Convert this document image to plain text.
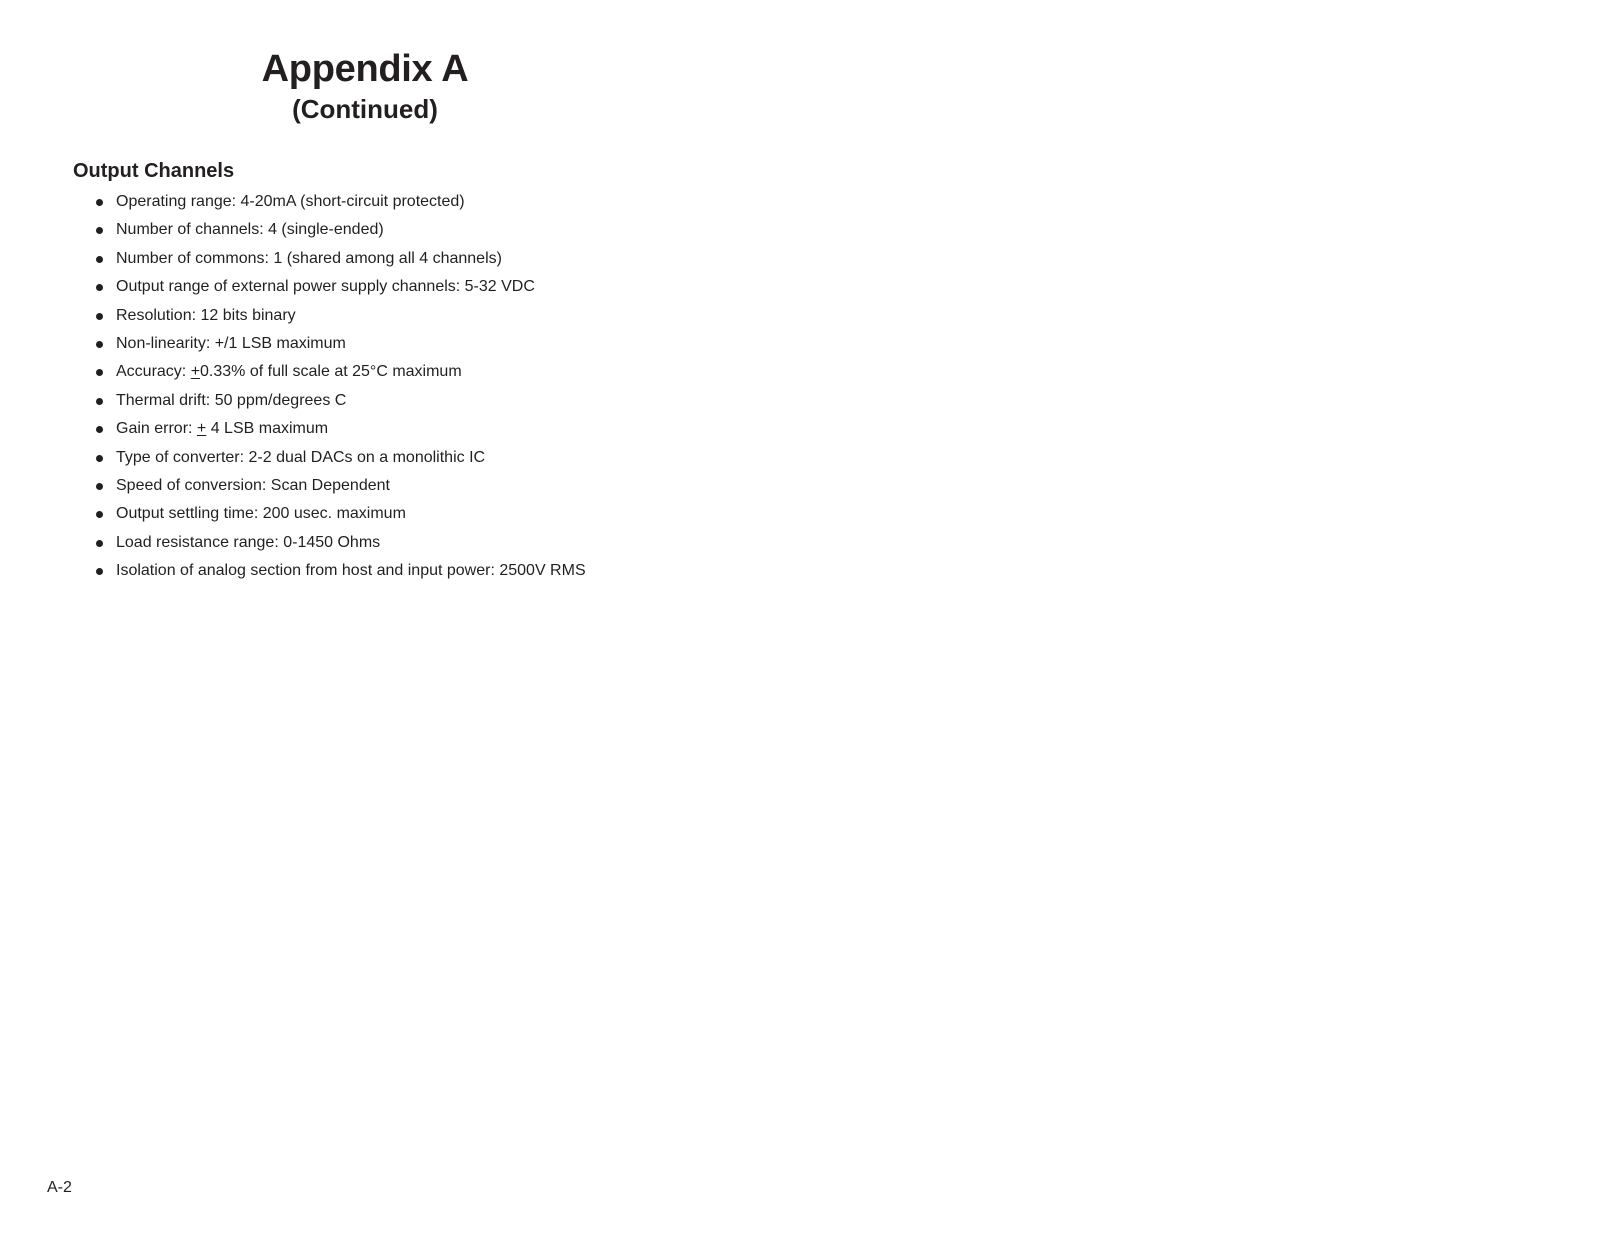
Appendix A
(Continued)
Output Channels
Operating range: 4-20mA (short-circuit protected)
Number of channels: 4 (single-ended)
Number of commons: 1 (shared among all 4 channels)
Output range of external power supply channels: 5-32 VDC
Resolution: 12 bits binary
Non-linearity: +/1 LSB maximum
Accuracy: +0.33% of full scale at 25°C maximum
Thermal drift: 50 ppm/degrees C
Gain error: + 4 LSB maximum
Type of converter: 2-2 dual DACs on a monolithic IC
Speed of conversion: Scan Dependent
Output settling time: 200 usec. maximum
Load resistance range: 0-1450 Ohms
Isolation of analog section from host and input power: 2500V RMS

A-2
